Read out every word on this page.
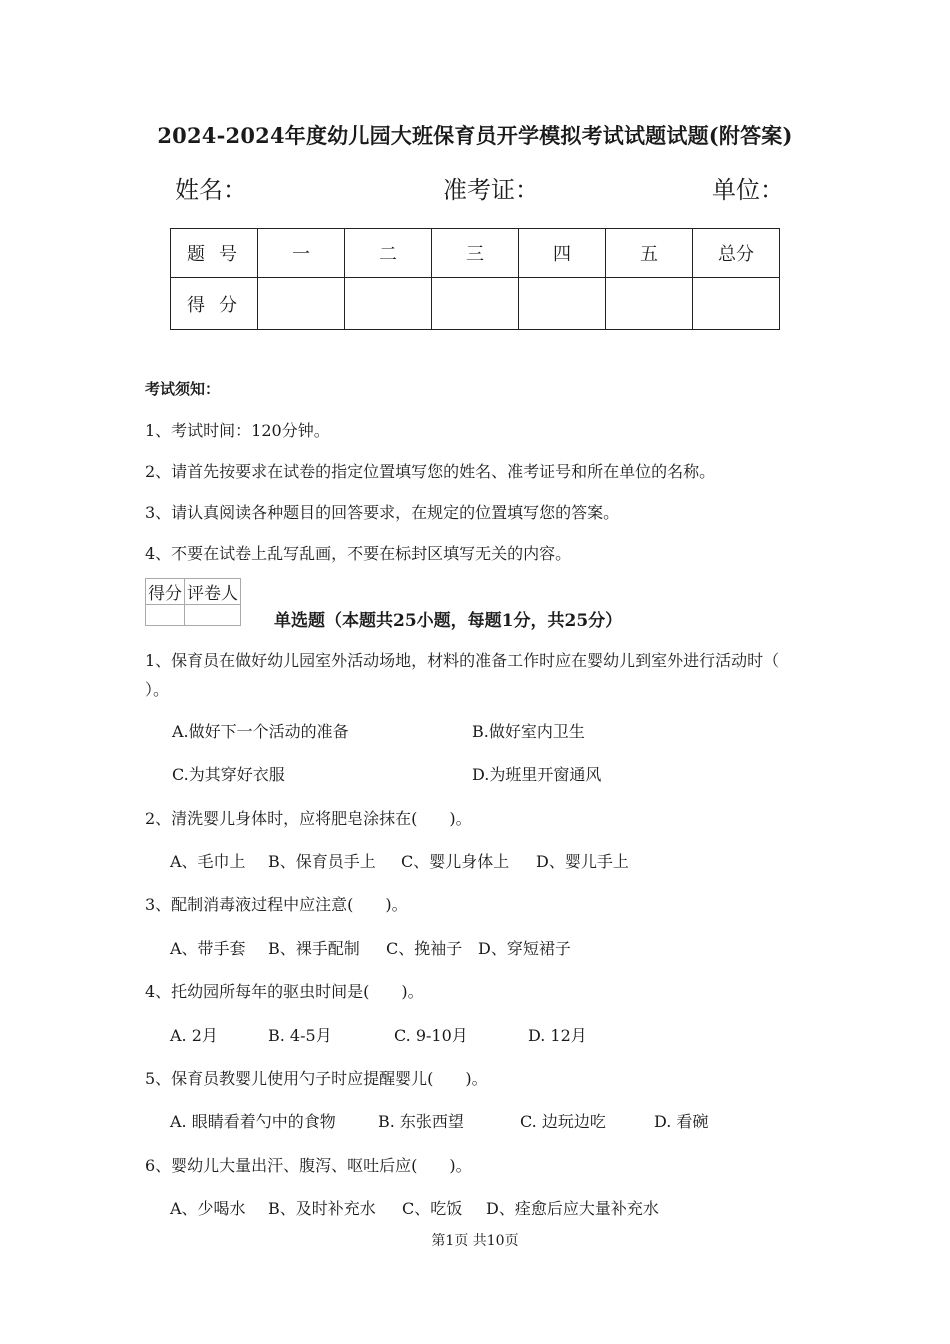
2024-2024年度幼儿园大班保育员开学模拟考试试题试题(附答案)
姓名：	准考证：	单位：
题号	一	二	三	四	五	总分
得分						
考试须知：
1、考试时间：120分钟。
2、请首先按要求在试卷的指定位置填写您的姓名、准考证号和所在单位的名称。
3、请认真阅读各种题目的回答要求，在规定的位置填写您的答案。
4、不要在试卷上乱写乱画，不要在标封区填写无关的内容。
得分	评卷人

单选题（本题共25小题，每题1分，共25分）
1、保育员在做好幼儿园室外活动场地，材料的准备工作时应在婴幼儿到室外进行活动时（
）。
A.做好下一个活动的准备	B.做好室内卫生
C.为其穿好衣服	D.为班里开窗通风
2、清洗婴儿身体时，应将肥皂涂抹在(　　)。
A、毛巾上 B、保育员手上 C、婴儿身体上 D、婴儿手上
3、配制消毒液过程中应注意(　　)。
A、带手套 B、裸手配制 C、挽袖子 D、穿短裙子
4、托幼园所每年的驱虫时间是(　　)。
A. 2月	B. 4-5月	C. 9-10月	D. 12月
5、保育员教婴儿使用勺子时应提醒婴儿(　　)。
A. 眼睛看着勺中的食物	B. 东张西望	C. 边玩边吃	D. 看碗
6、婴幼儿大量出汗、腹泻、呕吐后应(　　)。
A、少喝水 B、及时补充水 C、吃饭 D、痊愈后应大量补充水
第1页 共10页
